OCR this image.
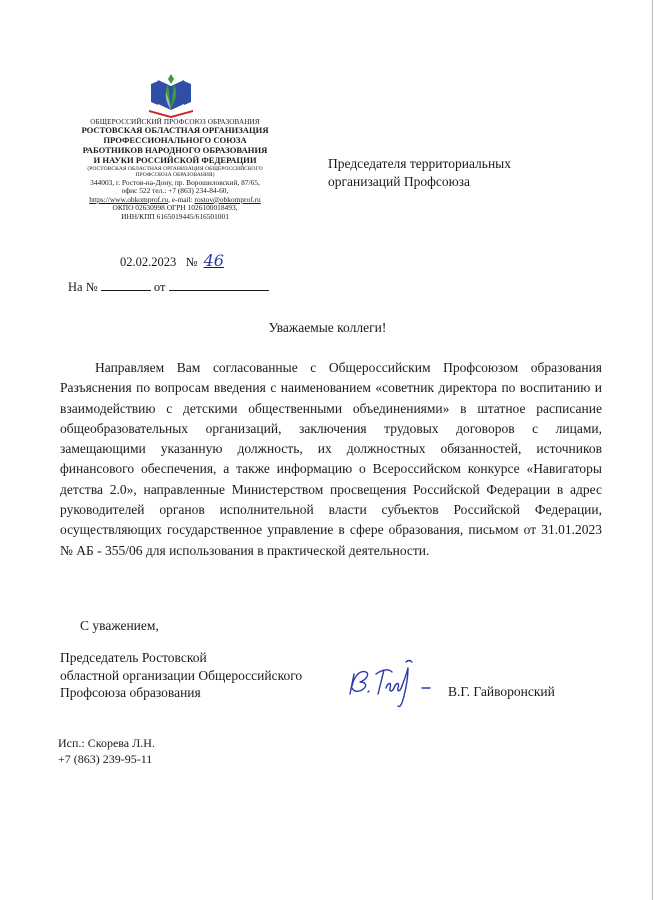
ОБЩЕРОССИЙСКИЙ ПРОФСОЮЗ ОБРАЗОВАНИЯ
РОСТОВСКАЯ ОБЛАСТНАЯ ОРГАНИЗАЦИЯ
ПРОФЕССИОНАЛЬНОГО СОЮЗА
РАБОТНИКОВ НАРОДНОГО ОБРАЗОВАНИЯ
И НАУКИ РОССИЙСКОЙ ФЕДЕРАЦИИ
(РОСТОВСКАЯ ОБЛАСТНАЯ ОРГАНИЗАЦИЯ ОБЩЕРОССИЙСКОГО
ПРОФСОЮЗА ОБРАЗОВАНИЯ)
344003, г. Ростов-на-Дону, пр. Ворошиловский, 87/65,
офис 522 тел.: +7 (863) 234-84-60,
https://www.obkomprof.ru, e-mail: rostov@obkomprof.ru
ОКПО 02630998 ОГРН 1026100018493,
ИНН/КПП 6165019445/616501001
02.02.2023 № 46
На №	от
Председателя территориальных
организаций Профсоюза
Уважаемые коллеги!

Направляем Вам согласованные с Общероссийским Профсоюзом образования Разъяснения по вопросам введения с наименованием «советник директора по воспитанию и взаимодействию с детскими общественными объединениями» в штатное расписание общеобразовательных организаций, заключения трудовых договоров с лицами, замещающими указанную должность, их должностных обязанностей, источников финансового обеспечения, а также информацию о Всероссийском конкурсе «Навигаторы детства 2.0», направленные Министерством просвещения Российской Федерации в адрес руководителей органов исполнительной власти субъектов Российской Федерации, осуществляющих государственное управление в сфере образования, письмом от 31.01.2023 № АБ - 355/06 для использования в практической деятельности.

С уважением,
Председатель Ростовской
областной организации Общероссийского
Профсоюза образования	В.Г. Гайворонский
Исп.: Скорева Л.Н.
+7 (863) 239-95-11
